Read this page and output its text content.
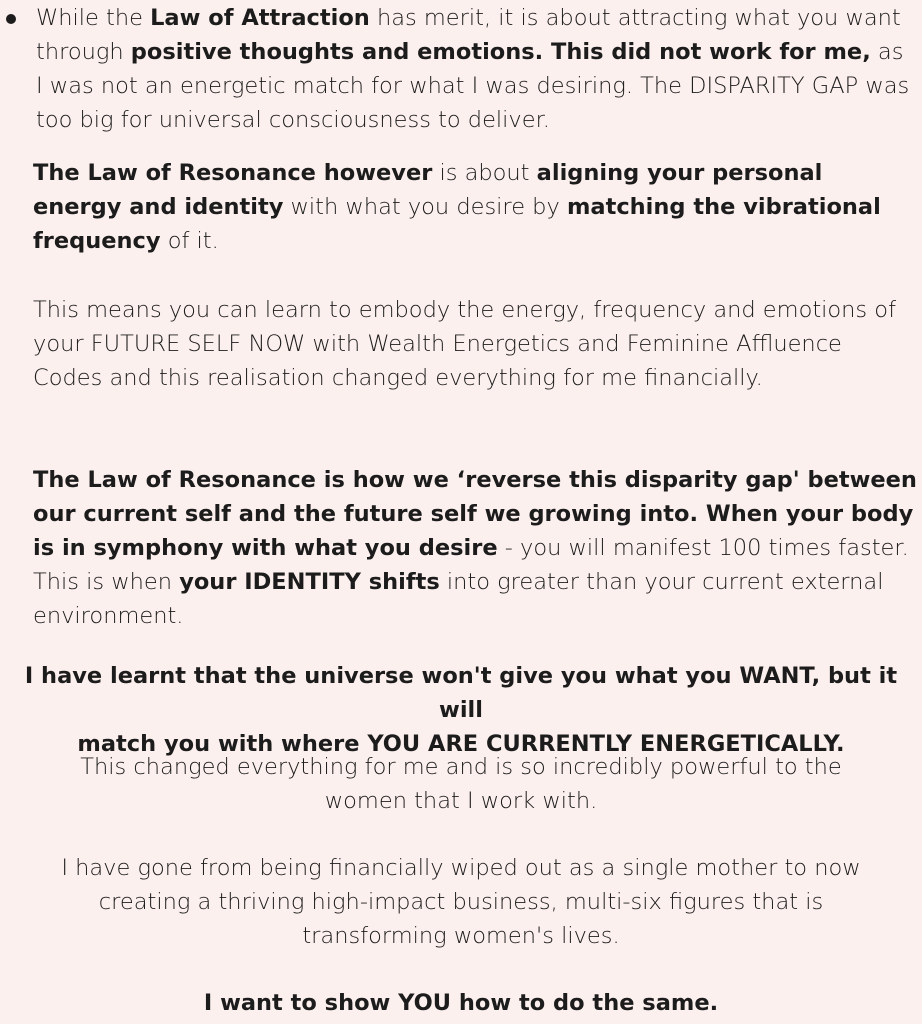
While the Law of Attraction has merit, it is about attracting what you want through positive thoughts and emotions. This did not work for me, as I was not an energetic match for what I was desiring. The DISPARITY GAP was too big for universal consciousness to deliver.

The Law of Resonance however is about aligning your personal energy and identity with what you desire by matching the vibrational frequency of it.

This means you can learn to embody the energy, frequency and emotions of your FUTURE SELF NOW with Wealth Energetics and Feminine Affluence Codes and this realisation changed everything for me financially.

The Law of Resonance is how we ‘reverse this disparity gap' between our current self and the future self we growing into. When your body is in symphony with what you desire - you will manifest 100 times faster. This is when your IDENTITY shifts into greater than your current external environment.

I have learnt that the universe won't give you what you WANT, but it will

match you with where YOU ARE CURRENTLY ENERGETICALLY.

This changed everything for me and is so incredibly powerful to the

women that I work with.

I have gone from being financially wiped out as a single mother to now

creating a thriving high-impact business, multi-six figures that is

transforming women's lives.

I want to show YOU how to do the same.
